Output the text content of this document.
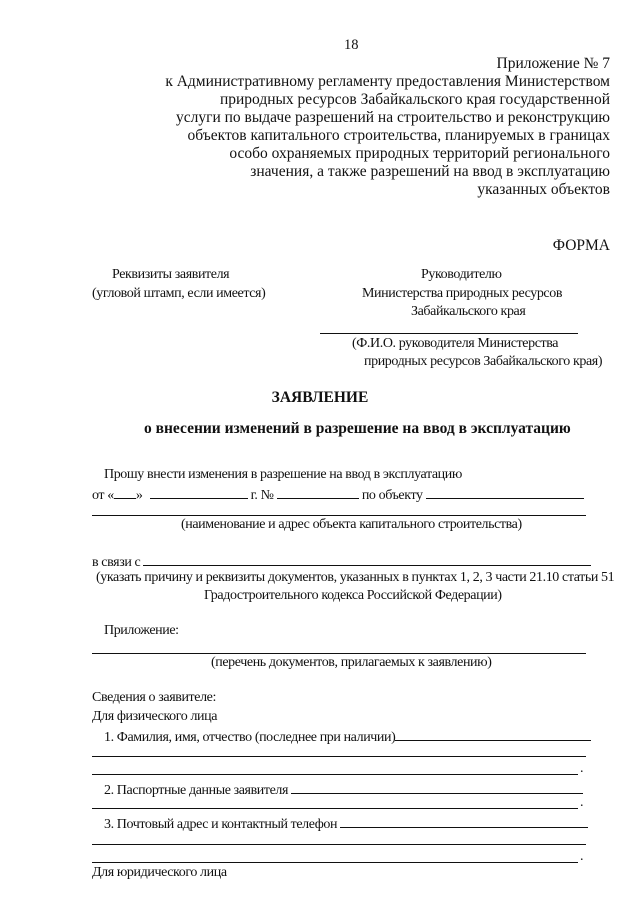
18
Приложение № 7
к Административному регламенту предоставления Министерством
природных ресурсов Забайкальского края государственной
услуги по выдаче разрешений на строительство и реконструкцию
объектов капитального строительства, планируемых в границах
особо охраняемых природных территорий регионального
значения, а также разрешений на ввод в эксплуатацию
указанных объектов
ФОРМА
Реквизиты заявителя
(угловой штамп, если имеется)
Руководителю
Министерства природных ресурсов
Забайкальского края
(Ф.И.О. руководителя Министерства
природных ресурсов Забайкальского края)
ЗАЯВЛЕНИЕ
о внесении изменений в разрешение на ввод в эксплуатацию
Прошу внести изменения в разрешение на ввод в эксплуатацию
от « »	г. №	по объекту
(наименование и адрес объекта капитального строительства)
в связи с
(указать причину и реквизиты документов, указанных в пунктах 1, 2, 3 части 21.10 статьи 51
Градостроительного кодекса Российской Федерации)
Приложение:
(перечень документов, прилагаемых к заявлению)
Сведения о заявителе:
Для физического лица
1. Фамилия, имя, отчество (последнее при наличии)
.
2. Паспортные данные заявителя
.
3. Почтовый адрес и контактный телефон
.
Для юридического лица
